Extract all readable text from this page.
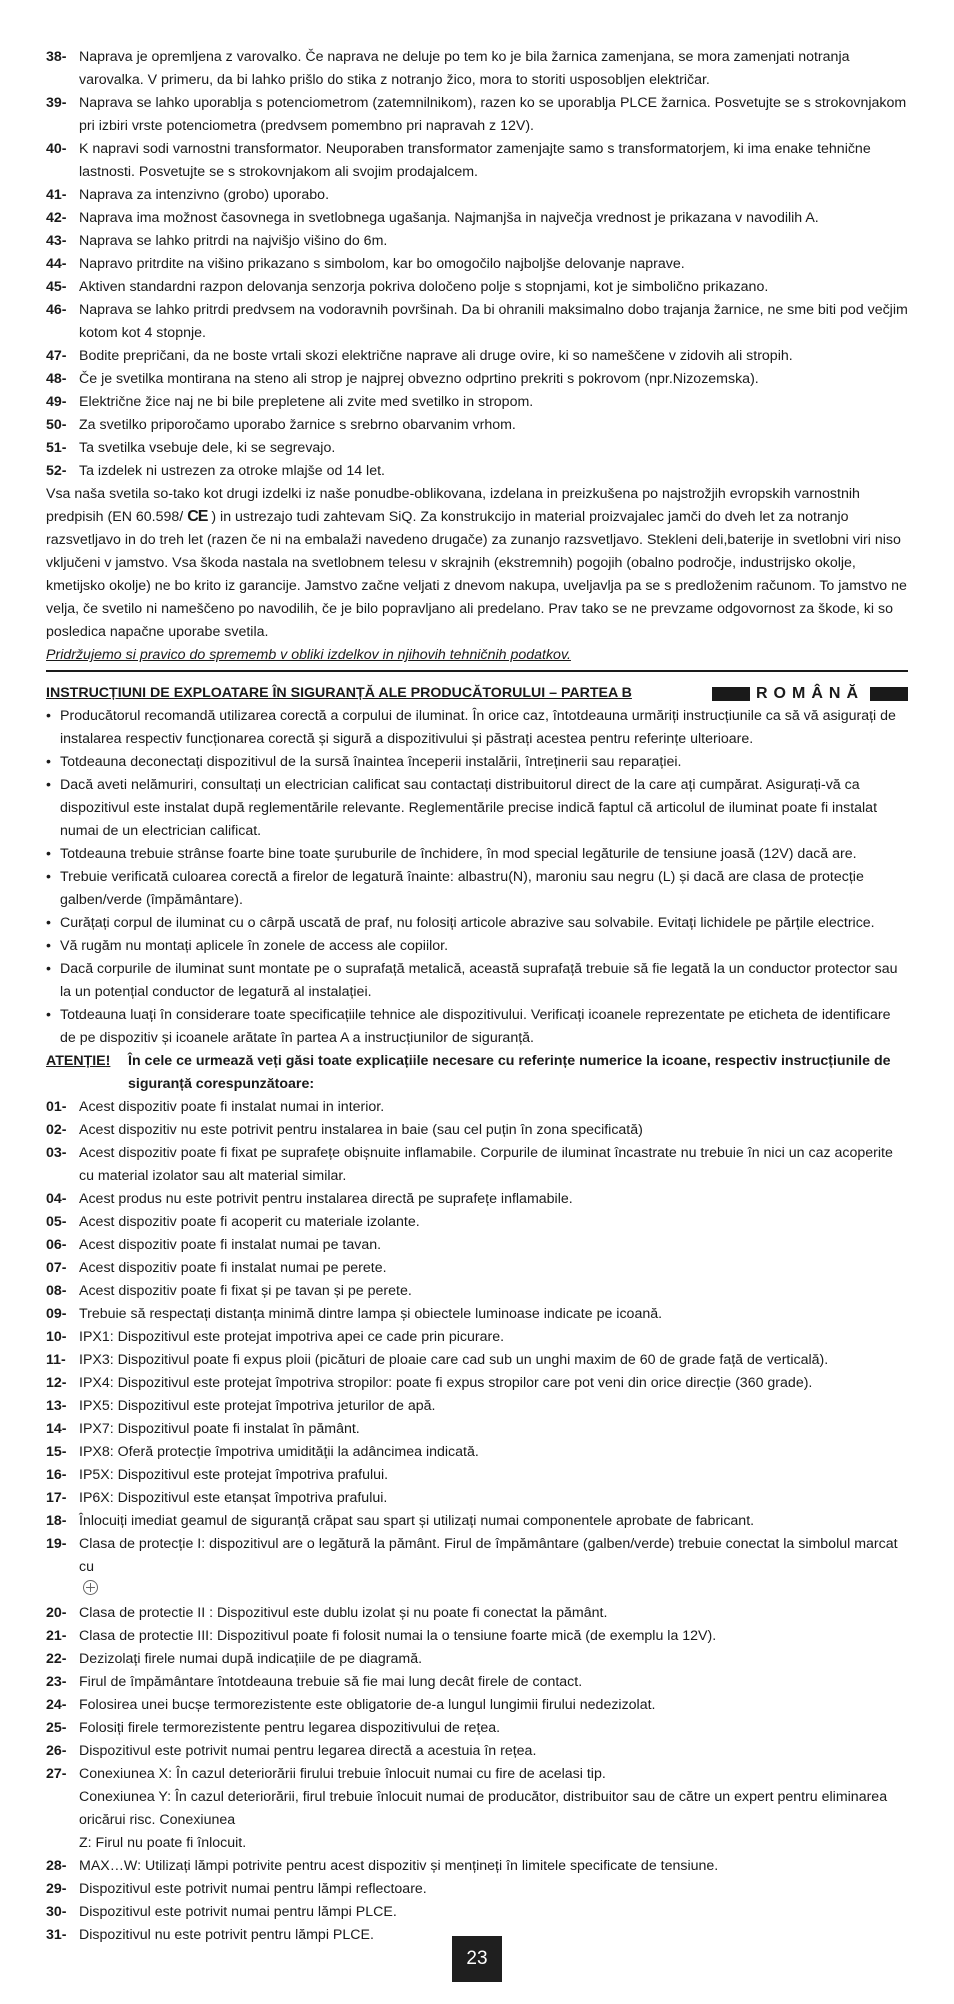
38- Naprava je opremljena z varovalko. Če naprava ne deluje po tem ko je bila žarnica zamenjana, se mora zamenjati notranja varovalka. V primeru, da bi lahko prišlo do stika z notranjo žico, mora to storiti usposobljen električar.
39- Naprava se lahko uporablja s potenciometrom (zatemnilnikom), razen ko se uporablja PLCE žarnica. Posvetujte se s strokovnjakom pri izbiri vrste potenciometra (predvsem pomembno pri napravah z 12V).
40- K napravi sodi varnostni transformator. Neuporaben transformator zamenjajte samo s transformatorjem, ki ima enake tehnične lastnosti. Posvetujte se s strokovnjakom ali svojim prodajalcem.
41- Naprava za intenzivno (grobo) uporabo.
42- Naprava ima možnost časovnega in svetlobnega ugašanja. Najmanjša in največja vrednost je prikazana v navodilih A.
43- Naprava se lahko pritrdi na najvišjo višino do 6m.
44- Napravo pritrdite na višino prikazano s simbolom, kar bo omogočilo najboljše delovanje naprave.
45- Aktiven standardni razpon delovanja senzorja pokriva določeno polje s stopnjami, kot je simbolično prikazano.
46- Naprava se lahko pritrdi predvsem na vodoravnih površinah. Da bi ohranili maksimalno dobo trajanja žarnice, ne sme biti pod večjim kotom kot 4 stopnje.
47- Bodite prepričani, da ne boste vrtali skozi električne naprave ali druge ovire, ki so nameščene v zidovih ali stropih.
48- Če je svetilka montirana na steno ali strop je najprej obvezno odprtino prekriti s pokrovom (npr.Nizozemska).
49- Električne žice naj ne bi bile prepletene ali zvite med svetilko in stropom.
50- Za svetilko priporočamo uporabo žarnice s srebrno obarvanim vrhom.
51- Ta svetilka vsebuje dele, ki se segrevajo.
52- Ta izdelek ni ustrezen za otroke mlajše od 14 let.

Vsa naša svetila so-tako kot drugi izdelki iz naše ponudbe-oblikovana, izdelana in preizkušena po najstrožjih evropskih varnostnih predpisih (EN 60.598/ CE ) in ustrezajo tudi zahtevam SiQ. Za konstrukcijo in material proizvajalec jamči do dveh let za notranjo razsvetljavo in do treh let (razen če ni na embalaži navedeno drugače) za zunanjo razsvetljavo. Stekleni deli,baterije in svetlobni viri niso vključeni v jamstvo. Vsa škoda nastala na svetlobnem telesu v skrajnih (ekstremnih) pogojih (obalno področje, industrijsko okolje, kmetijsko okolje) ne bo krito iz garancije. Jamstvo začne veljati z dnevom nakupa, uveljavlja pa se s predloženim računom. To jamstvo ne velja, če svetilo ni nameščeno po navodilih, če je bilo popravljano ali predelano. Prav tako se ne prevzame odgovornost za škode, ki so posledica napačne uporabe svetila.

Pridržujemo si pravico do sprememb v obliki izdelkov in njihovih tehničnih podatkov.
INSTRUCȚIUNI DE EXPLOATARE ÎN SIGURANȚĂ ALE PRODUCĂTORULUI – PARTEA B	ROMÂNĂ
• Producătorul recomandă utilizarea corectă a corpului de iluminat. În orice caz, întotdeauna urmăriți instrucțiunile ca să vă asigurați de instalarea respectiv funcționarea corectă și sigură a dispozitivului și păstrați acestea pentru referințe ulterioare.
• Totdeauna deconectați dispozitivul de la sursă înaintea începerii instalării, întreținerii sau reparației.
• Dacă aveti nelămuriri, consultați un electrician calificat sau contactați distribuitorul direct de la care ați cumpărat. Asigurați-vă ca dispozitivul este instalat după reglementările relevante. Reglementările precise indică faptul că articolul de iluminat poate fi instalat numai de un electrician calificat.
• Totdeauna trebuie strânse foarte bine toate șuruburile de închidere, în mod special legăturile de tensiune joasă (12V) dacă are.
• Trebuie verificată culoarea corectă a firelor de legatură înainte: albastru(N), maroniu sau negru (L) și dacă are clasa de protecție galben/verde (împământare).
• Curățați corpul de iluminat cu o cârpă uscată de praf, nu folosiți articole abrazive sau solvabile. Evitați lichidele pe părțile electrice.
• Vă rugăm nu montați aplicele în zonele de access ale copiilor.
• Dacă corpurile de iluminat sunt montate pe o suprafață metalică, această suprafață trebuie să fie legată la un conductor protector sau la un potențial conductor de legatură al instalației.
• Totdeauna luați în considerare toate specificațiile tehnice ale dispozitivului. Verificați icoanele reprezentate pe eticheta de identificare de pe dispozitiv și icoanele arătate în partea A a instrucțiunilor de siguranță.
ATENȚIE!	În cele ce urmează veți găsi toate explicațiile necesare cu referințe numerice la icoane, respectiv instrucțiunile de siguranță corespunzătoare:
01- Acest dispozitiv poate fi instalat numai in interior.
02- Acest dispozitiv nu este potrivit pentru instalarea in baie (sau cel puțin în zona specificată)
03- Acest dispozitiv poate fi fixat pe suprafețe obișnuite inflamabile. Corpurile de iluminat încastrate nu trebuie în nici un caz acoperite cu material izolator sau alt material similar.
04- Acest produs nu este potrivit pentru instalarea directă pe suprafețe inflamabile.
05- Acest dispozitiv poate fi acoperit cu materiale izolante.
06- Acest dispozitiv poate fi instalat numai pe tavan.
07- Acest dispozitiv poate fi instalat numai pe perete.
08- Acest dispozitiv poate fi fixat și pe tavan și pe perete.
09- Trebuie să respectați distanța minimă dintre lampa și obiectele luminoase indicate pe icoană.
10- IPX1: Dispozitivul este protejat impotriva apei ce cade prin picurare.
11- IPX3: Dispozitivul poate fi expus ploii (picături de ploaie care cad sub un unghi maxim de 60 de grade față de verticală).
12- IPX4: Dispozitivul este protejat împotriva stropilor: poate fi expus stropilor care pot veni din orice direcție (360 grade).
13- IPX5: Dispozitivul este protejat împotriva jeturilor de apă.
14- IPX7: Dispozitivul poate fi instalat în pământ.
15- IPX8: Oferă protecție împotriva umidității la adâncimea indicată.
16- IP5X: Dispozitivul este protejat împotriva prafului.
17- IP6X: Dispozitivul este etanșat împotriva prafului.
18- Înlocuiți imediat geamul de siguranță crăpat sau spart și utilizați numai componentele aprobate de fabricant.
19- Clasa de protecție I: dispozitivul are o legătură la pământ. Firul de împământare (galben/verde) trebuie conectat la simbolul marcat cu

20- Clasa de protectie II : Dispozitivul este dublu izolat și nu poate fi conectat la pământ.
21- Clasa de protectie III: Dispozitivul poate fi folosit numai la o tensiune foarte mică (de exemplu la 12V).
22- Dezizolați firele numai după indicațiile de pe diagramă.
23- Firul de împământare întotdeauna trebuie să fie mai lung decât firele de contact.
24- Folosirea unei bucșe termorezistente este obligatorie de-a lungul lungimii firului nedezizolat.
25- Folosiți firele termorezistente pentru legarea dispozitivului de rețea.
26- Dispozitivul este potrivit numai pentru legarea directă a acestuia în rețea.
27- Conexiunea X: În cazul deteriorării firului trebuie înlocuit numai cu fire de acelasi tip.
Conexiunea Y: În cazul deteriorării, firul trebuie înlocuit numai de producător, distribuitor sau de către un expert pentru eliminarea oricărui risc. Conexiunea
Z: Firul nu poate fi înlocuit.
28- MAX…W: Utilizați lămpi potrivite pentru acest dispozitiv și mențineți în limitele specificate de tensiune.
29- Dispozitivul este potrivit numai pentru lămpi reflectoare.
30- Dispozitivul este potrivit numai pentru lămpi PLCE.
31- Dispozitivul nu este potrivit pentru lămpi PLCE.
23
